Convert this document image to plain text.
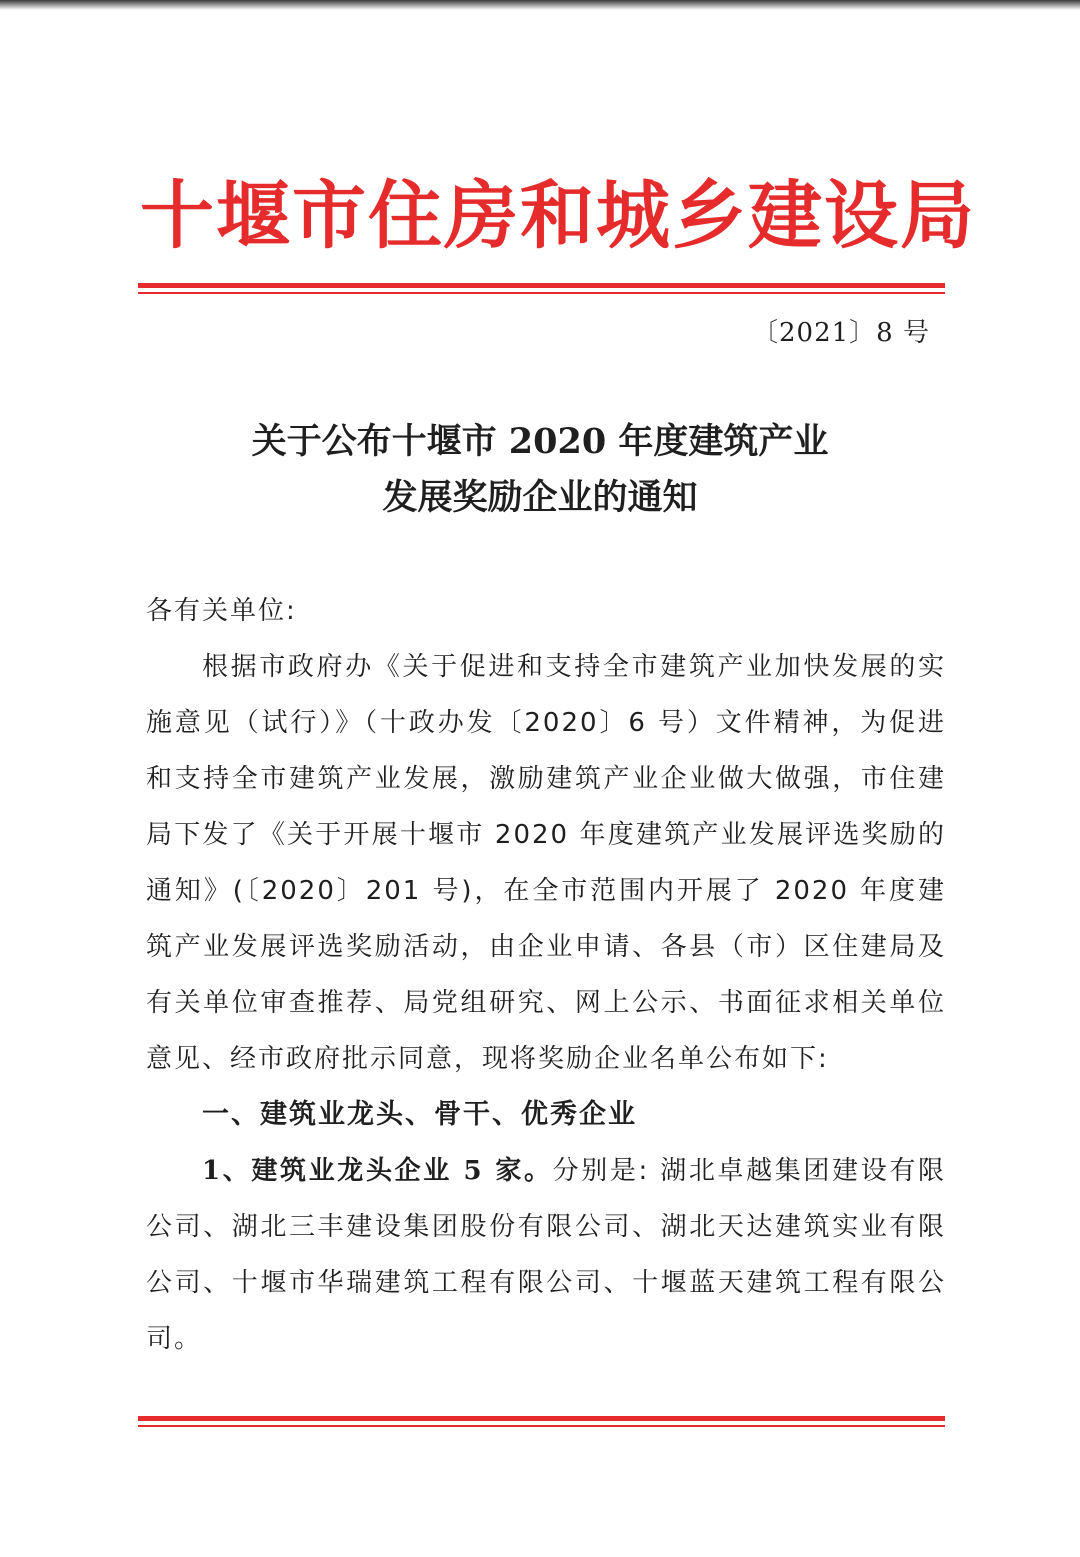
十堰市住房和城乡建设局
〔2021〕8 号
关于公布十堰市 2020 年度建筑产业
发展奖励企业的通知

各有关单位:

根据市政府办《关于促进和支持全市建筑产业加快发展的实施意见（试行）》（十政办发〔2020〕6 号）文件精神，为促进和支持全市建筑产业发展，激励建筑产业企业做大做强，市住建局下发了《关于开展十堰市 2020 年度建筑产业发展评选奖励的通知》(〔2020〕201 号)，在全市范围内开展了 2020 年度建筑产业发展评选奖励活动，由企业申请、各县（市）区住建局及有关单位审查推荐、局党组研究、网上公示、书面征求相关单位意见、经市政府批示同意，现将奖励企业名单公布如下:

一、建筑业龙头、骨干、优秀企业

1、建筑业龙头企业 5 家。分别是: 湖北卓越集团建设有限公司、湖北三丰建设集团股份有限公司、湖北天达建筑实业有限公司、十堰市华瑞建筑工程有限公司、十堰蓝天建筑工程有限公司。
